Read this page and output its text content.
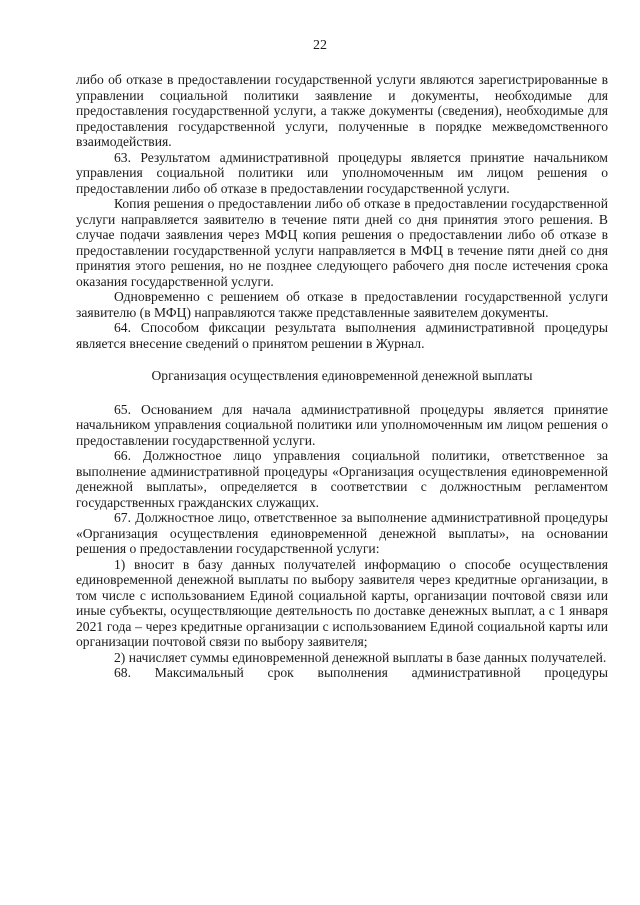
22

либо об отказе в предоставлении государственной услуги являются зарегистрированные в управлении социальной политики заявление и документы, необходимые для предоставления государственной услуги, а также документы (сведения), необходимые для предоставления государственной услуги, полученные в порядке межведомственного взаимодействия.

63. Результатом административной процедуры является принятие начальником управления социальной политики или уполномоченным им лицом решения о предоставлении либо об отказе в предоставлении государственной услуги.

Копия решения о предоставлении либо об отказе в предоставлении государственной услуги направляется заявителю в течение пяти дней со дня принятия этого решения. В случае подачи заявления через МФЦ копия решения о предоставлении либо об отказе в предоставлении государственной услуги направляется в МФЦ в течение пяти дней со дня принятия этого решения, но не позднее следующего рабочего дня после истечения срока оказания государственной услуги.

Одновременно с решением об отказе в предоставлении государственной услуги заявителю (в МФЦ) направляются также представленные заявителем документы.

64. Способом фиксации результата выполнения административной процедуры является внесение сведений о принятом решении в Журнал.

Организация осуществления единовременной денежной выплаты

65. Основанием для начала административной процедуры является принятие начальником управления социальной политики или уполномоченным им лицом решения о предоставлении государственной услуги.

66. Должностное лицо управления социальной политики, ответственное за выполнение административной процедуры «Организация осуществления единовременной денежной выплаты», определяется в соответствии с должностным регламентом государственных гражданских служащих.

67. Должностное лицо, ответственное за выполнение административной процедуры «Организация осуществления единовременной денежной выплаты», на основании решения о предоставлении государственной услуги:

1) вносит в базу данных получателей информацию о способе осуществления единовременной денежной выплаты по выбору заявителя через кредитные организации, в том числе с использованием Единой социальной карты, организации почтовой связи или иные субъекты, осуществляющие деятельность по доставке денежных выплат, а с 1 января 2021 года – через кредитные организации с использованием Единой социальной карты или организации почтовой связи по выбору заявителя;

2) начисляет суммы единовременной денежной выплаты в базе данных получателей.

68. Максимальный срок выполнения административной процедуры
